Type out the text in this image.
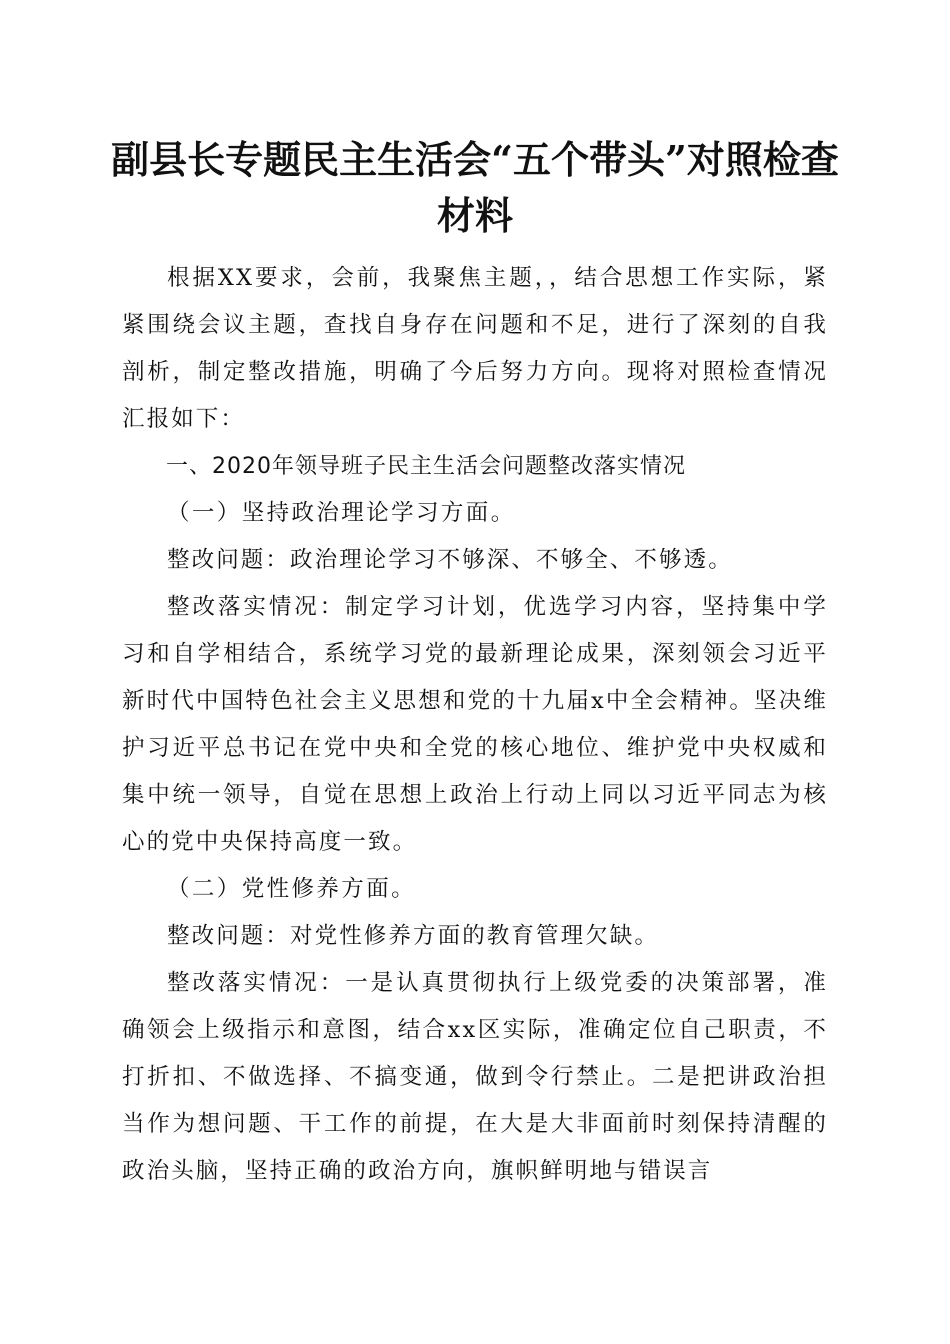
副县长专题民主生活会“五个带头”对照检查
材料

根据XX要求，会前，我聚焦主题，，结合思想工作实际，紧紧围绕会议主题，查找自身存在问题和不足，进行了深刻的自我剖析，制定整改措施，明确了今后努力方向。现将对照检查情况汇报如下：

一、2020年领导班子民主生活会问题整改落实情况

（一）坚持政治理论学习方面。

整改问题：政治理论学习不够深、不够全、不够透。

整改落实情况：制定学习计划，优选学习内容，坚持集中学习和自学相结合，系统学习党的最新理论成果，深刻领会习近平新时代中国特色社会主义思想和党的十九届x中全会精神。坚决维护习近平总书记在党中央和全党的核心地位、维护党中央权威和集中统一领导，自觉在思想上政治上行动上同以习近平同志为核心的党中央保持高度一致。

（二）党性修养方面。

整改问题：对党性修养方面的教育管理欠缺。

整改落实情况：一是认真贯彻执行上级党委的决策部署，准确领会上级指示和意图，结合xx区实际，准确定位自己职责，不打折扣、不做选择、不搞变通，做到令行禁止。二是把讲政治担当作为想问题、干工作的前提，在大是大非面前时刻保持清醒的政治头脑，坚持正确的政治方向，旗帜鲜明地与错误言
